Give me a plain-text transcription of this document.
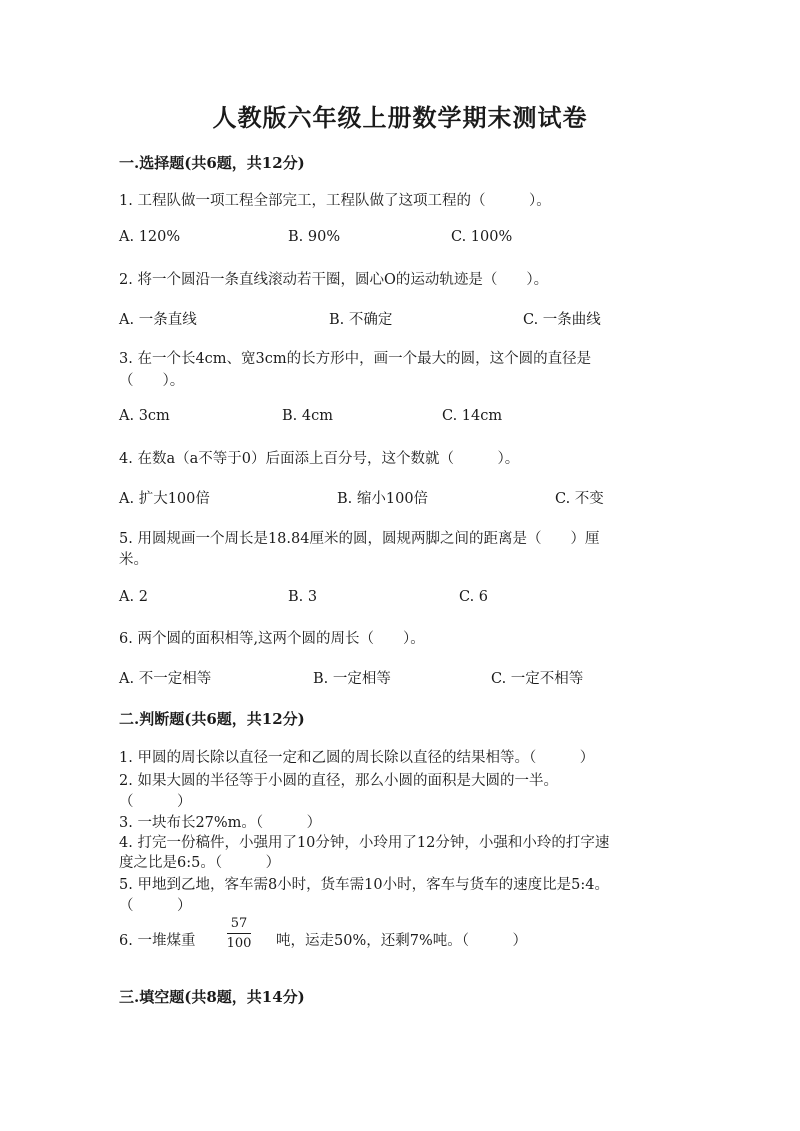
人教版六年级上册数学期末测试卷
一.选择题(共6题，共12分)
1. 工程队做一项工程全部完工，工程队做了这项工程的（　　　）。
A. 120%	B. 90%	C. 100%
2. 将一个圆沿一条直线滚动若干圈，圆心O的运动轨迹是（　　）。
A. 一条直线	B. 不确定	C. 一条曲线
3. 在一个长4cm、宽3cm的长方形中，画一个最大的圆，这个圆的直径是
（　　）。
A. 3cm	B. 4cm	C. 14cm
4. 在数a（a不等于0）后面添上百分号，这个数就（　　　）。
A. 扩大100倍	B. 缩小100倍	C. 不变
5. 用圆规画一个周长是18.84厘米的圆，圆规两脚之间的距离是（　　）厘
米。
A. 2	B. 3	C. 6
6. 两个圆的面积相等,这两个圆的周长（　　）。
A. 不一定相等	B. 一定相等	C. 一定不相等
二.判断题(共6题，共12分)
1. 甲圆的周长除以直径一定和乙圆的周长除以直径的结果相等。（　　　）
2. 如果大圆的半径等于小圆的直径，那么小圆的面积是大圆的一半。
（　　　）
3. 一块布长27%m。（　　　）
4. 打完一份稿件，小强用了10分钟，小玲用了12分钟，小强和小玲的打字速
度之比是6:5。（　　　）
5. 甲地到乙地，客车需8小时，货车需10小时，客车与货车的速度比是5:4。
（　　　）
6. 一堆煤重
57
100 吨，运走50%，还剩7%吨。（　　　）
三.填空题(共8题，共14分)
